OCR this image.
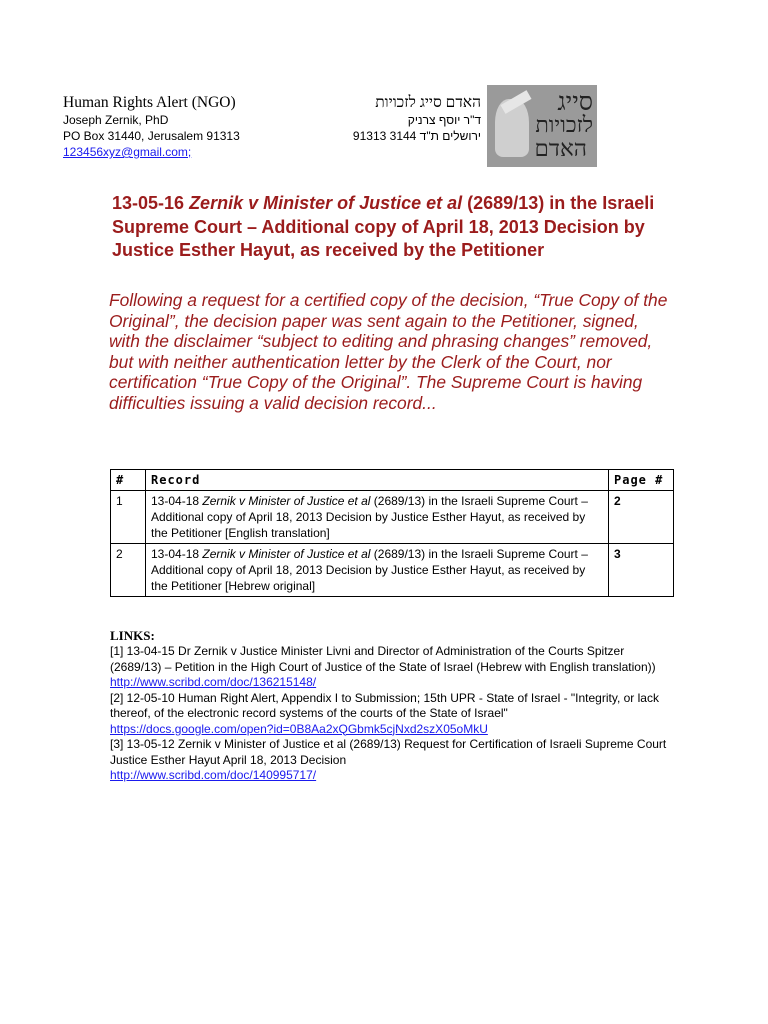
Human Rights Alert (NGO)
Joseph Zernik, PhD
PO Box 31440, Jerusalem 91313
123456xyz@gmail.com;
האדם סייג לזכויות
ד"ר יוסף צרניק
ירושלים ת"ד 3144 91313
סייג
לזכויות
האדם
13-05-16 Zernik v Minister of Justice et al (2689/13) in the Israeli Supreme Court – Additional copy of April 18, 2013 Decision by Justice Esther Hayut, as received by the Petitioner
Following a request for a certified copy of the decision, “True Copy of the Original”, the decision paper was sent again to the Petitioner, signed, with the disclaimer “subject to editing and phrasing changes” removed, but with neither authentication letter by the Clerk of the Court, nor certification “True Copy of the Original”. The Supreme Court is having difficulties issuing a valid decision record...
#	Record	Page #
1	13-04-18 Zernik v Minister of Justice et al (2689/13) in the Israeli Supreme Court – Additional copy of April 18, 2013 Decision by Justice Esther Hayut, as received by the Petitioner [English translation]	2
2	13-04-18 Zernik v Minister of Justice et al (2689/13) in the Israeli Supreme Court – Additional copy of April 18, 2013 Decision by Justice Esther Hayut, as received by the Petitioner [Hebrew original]	3
LINKS:
[1] 13-04-15 Dr Zernik v Justice Minister Livni and Director of Administration of the Courts Spitzer (2689/13) – Petition in the High Court of Justice of the State of Israel (Hebrew with English translation))
http://www.scribd.com/doc/136215148/
[2] 12-05-10 Human Right Alert, Appendix I to Submission; 15th UPR - State of Israel - "Integrity, or lack thereof, of the electronic record systems of the courts of the State of Israel"
https://docs.google.com/open?id=0B8Aa2xQGbmk5cjNxd2szX05oMkU
[3] 13-05-12 Zernik v Minister of Justice et al (2689/13) Request for Certification of Israeli Supreme Court Justice Esther Hayut April 18, 2013 Decision
http://www.scribd.com/doc/140995717/
